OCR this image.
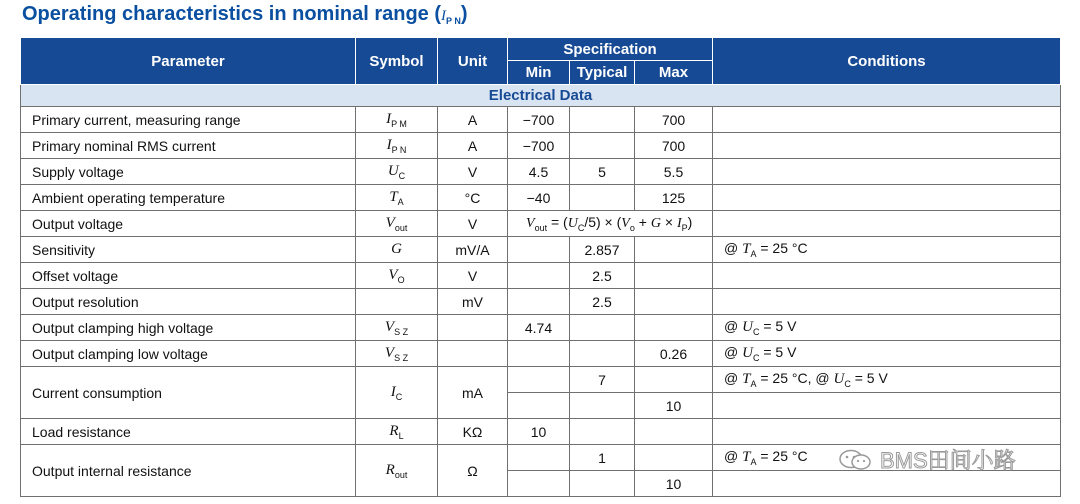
Operating characteristics in nominal range $(I_{P N})$
Parameter	Symbol	Unit	Specification			Conditions
			Min	Typical	Max	
Electrical Data						
Primary current, measuring range	$I_{P M}$	A	−700		700	
Primary nominal RMS current	$I_{P N}$	A	−700		700	
Supply voltage	$U_C$	V	4.5	5	5.5	
Ambient operating temperature	$T_A$	°C	−40		125	
Output voltage	$V_{out}$	V	$V_{out} = (U_C/5) \times (V_o + G \times I_P)$			
Sensitivity	G	mV/A		2.857		@ $T_A = 25$ °C
Offset voltage	$V_O$	V		2.5		
Output resolution		mV		2.5		
Output clamping high voltage	$V_{S Z}$		4.74			@ $U_C = 5$ V
Output clamping low voltage	$V_{S Z}$				0.26	@ $U_C = 5$ V
Current consumption	$I_C$	mA		7		@ $T_A = 25$ °C, @ $U_C = 5$ V
					10	
Load resistance	$R_L$	KΩ	10			
Output internal resistance	$R_{out}$	Ω		1		@ $T_A = 25$ °C
					10	
BMS田间小路
